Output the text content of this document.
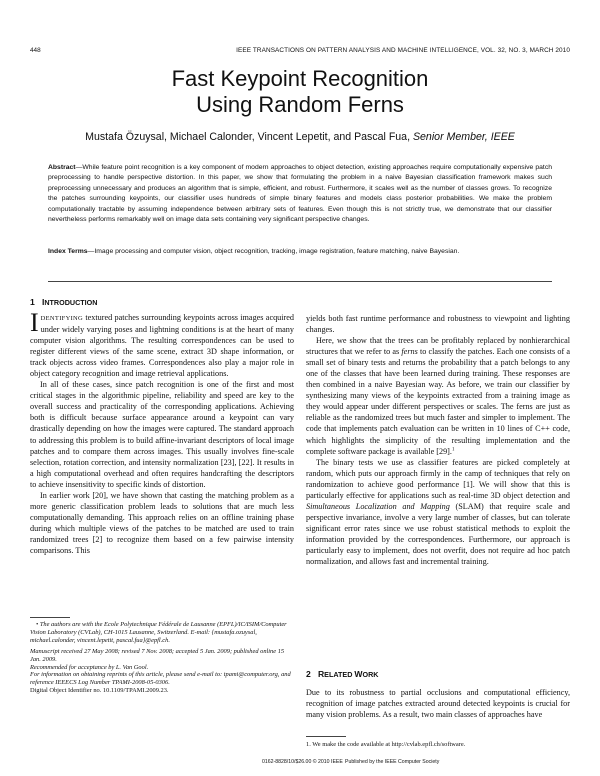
448	IEEE TRANSACTIONS ON PATTERN ANALYSIS AND MACHINE INTELLIGENCE, VOL. 32, NO. 3, MARCH 2010
Fast Keypoint Recognition
Using Random Ferns
Mustafa Özuysal, Michael Calonder, Vincent Lepetit, and Pascal Fua, Senior Member, IEEE
Abstract—While feature point recognition is a key component of modern approaches to object detection, existing approaches require computationally expensive patch preprocessing to handle perspective distortion. In this paper, we show that formulating the problem in a naive Bayesian classification framework makes such preprocessing unnecessary and produces an algorithm that is simple, efficient, and robust. Furthermore, it scales well as the number of classes grows. To recognize the patches surrounding keypoints, our classifier uses hundreds of simple binary features and models class posterior probabilities. We make the problem computationally tractable by assuming independence between arbitrary sets of features. Even though this is not strictly true, we demonstrate that our classifier nevertheless performs remarkably well on image data sets containing very significant perspective changes.
Index Terms—Image processing and computer vision, object recognition, tracking, image registration, feature matching, naive Bayesian.
1 INTRODUCTION

IDENTIFYING textured patches surrounding keypoints across images acquired under widely varying poses and lightning conditions is at the heart of many computer vision algorithms. The resulting correspondences can be used to register different views of the same scene, extract 3D shape information, or track objects across video frames. Correspondences also play a major role in object category recognition and image retrieval applications.

In all of these cases, since patch recognition is one of the first and most critical stages in the algorithmic pipeline, reliability and speed are key to the overall success and practicality of the corresponding applications. Achieving both is difficult because surface appearance around a keypoint can vary drastically depending on how the images were captured. The standard approach to addressing this problem is to build affine-invariant descriptors of local image patches and to compare them across images. This usually involves fine-scale selection, rotation correction, and intensity normalization [23], [22]. It results in a high computational overhead and often requires handcrafting the descriptors to achieve insensitivity to specific kinds of distortion.

In earlier work [20], we have shown that casting the matching problem as a more generic classification problem leads to solutions that are much less computationally demanding. This approach relies on an offline training phase during which multiple views of the patches to be matched are used to train randomized trees [2] to recognize them based on a few pairwise intensity comparisons. This

• The authors are with the Ecole Polytechnique Fédérale de Lausanne (EPFL)/IC/ISIM/Computer Vision Laboratory (CVLab), CH-1015 Lausanne, Switzerland. E-mail: {mustafa.ozuysal, michael.calonder, vincent.lepetit, pascal.fua}@epfl.ch.

Manuscript received 27 May 2008; revised 7 Nov. 2008; accepted 5 Jan. 2009; published online 15 Jan. 2009.

Recommended for acceptance by L. Van Gool.

For information on obtaining reprints of this article, please send e-mail to: tpami@computer.org, and reference IEEECS Log Number TPAMI-2008-05-0306.

Digital Object Identifier no. 10.1109/TPAMI.2009.23.

yields both fast runtime performance and robustness to viewpoint and lighting changes.

Here, we show that the trees can be profitably replaced by nonhierarchical structures that we refer to as ferns to classify the patches. Each one consists of a small set of binary tests and returns the probability that a patch belongs to any one of the classes that have been learned during training. These responses are then combined in a naive Bayesian way. As before, we train our classifier by synthesizing many views of the keypoints extracted from a training image as they would appear under different perspectives or scales. The ferns are just as reliable as the randomized trees but much faster and simpler to implement. The code that implements patch evaluation can be written in 10 lines of C++ code, which highlights the simplicity of the resulting implementation and the complete software package is available [29].$^1$

The binary tests we use as classifier features are picked completely at random, which puts our approach firmly in the camp of techniques that rely on randomization to achieve good performance [1]. We will show that this is particularly effective for applications such as real-time 3D object detection and Simultaneous Localization and Mapping (SLAM) that require scale and perspective invariance, involve a very large number of classes, but can tolerate significant error rates since we use robust statistical methods to exploit the information provided by the correspondences. Furthermore, our approach is particularly easy to implement, does not overfit, does not require ad hoc patch normalization, and allows fast and incremental training.

2 RELATED WORK

Due to its robustness to partial occlusions and computational efficiency, recognition of image patches extracted around detected keypoints is crucial for many vision problems. As a result, two main classes of approaches have

1. We make the code available at http://cvlab.epfl.ch/software.
0162-8828/10/$26.00 © 2010 IEEE Published by the IEEE Computer Society
